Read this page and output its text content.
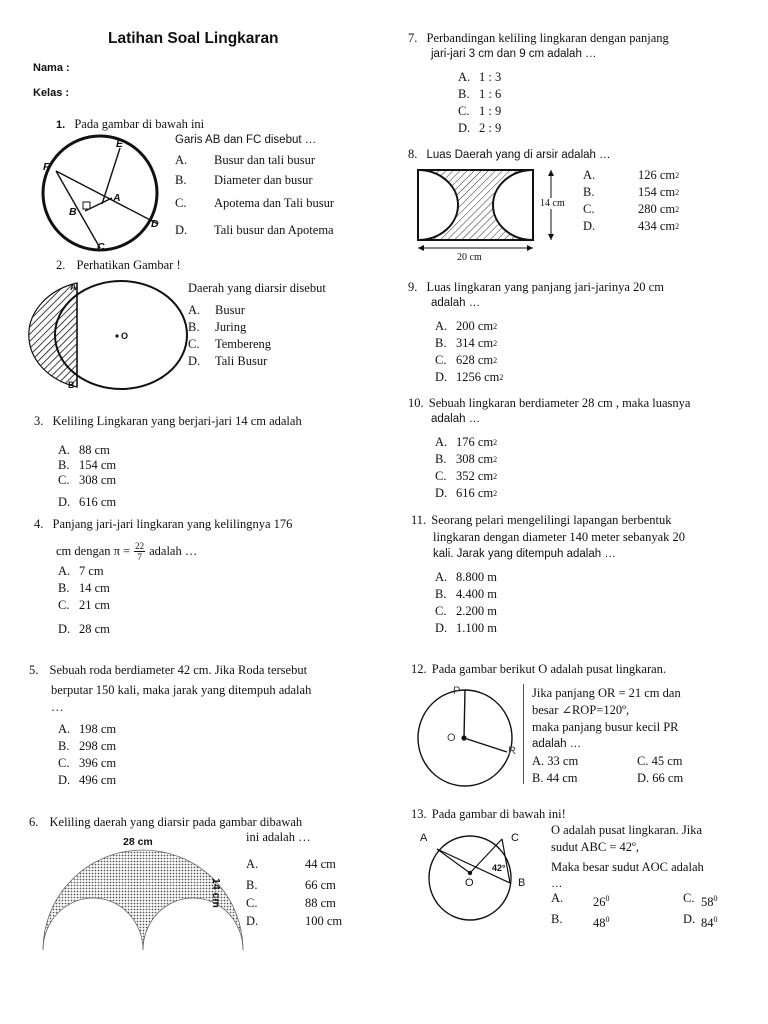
Latihan Soal Lingkaran
Nama :
Kelas :
1. Pada gambar di bawah ini
E
F
A
B
D
C
Garis AB dan FC disebut …
A.	Busur dan tali busur
B.	Diameter dan busur
C.	Apotema dan Tali busur
D.	Tali busur dan Apotema
2. Perhatikan Gambar !
A
O
B
Daerah yang diarsir disebut
A.	Busur
B.	Juring
C.	Tembereng
D.	Tali Busur
3. Keliling Lingkaran yang berjari-jari 14 cm adalah
A. 88 cm
B. 154 cm
C. 308 cm
D. 616 cm
4. Panjang jari-jari lingkaran yang kelilingnya 176
cm dengan $\pi = \frac{22}{7}$ adalah …
A. 7 cm
B. 14 cm
C. 21 cm
D. 28 cm
5. Sebuah roda berdiameter 42 cm. Jika Roda tersebut
berputar 150 kali, maka jarak yang ditempuh adalah
…
A. 198 cm
B. 298 cm
C. 396 cm
D. 496 cm
6. Keliling daerah yang diarsir pada gambar dibawah
28 cm
14 cm
ini adalah …
A.	44 cm
B.	66 cm
C.	88 cm
D.	100 cm
7. Perbandingan keliling lingkaran dengan panjang
jari-jari 3 cm dan 9 cm adalah …
A. 1 : 3
B. 1 : 6
C. 1 : 9
D. 2 : 9
8. Luas Daerah yang di arsir adalah …
14 cm
20 cm
A.	126 cm 2
B.	154 cm 2
C.	280 cm 2
D.	434 cm 2
9. Luas lingkaran yang panjang jari-jarinya 20 cm
adalah …
A. 200 cm 2
B. 314 cm 2
C. 628 cm 2
D. 1256 cm 2
10. Sebuah lingkaran berdiameter 28 cm , maka luasnya
adalah …
A. 176 cm 2
B. 308 cm 2
C. 352 cm 2
D. 616 cm 2
11. Seorang pelari mengelilingi lapangan berbentuk
lingkaran dengan diameter 140 meter sebanyak 20
kali. Jarak yang ditempuh adalah …
A. 8.800 m
B. 4.400 m
C. 2.200 m
D. 1.100 m
12. Pada gambar berikut O adalah pusat lingkaran.
P
O
R
Jika panjang OR = 21 cm dan
besar ∠ROP=120º,
maka panjang busur kecil PR
adalah …
A. 33 cm	C. 45 cm
B. 44 cm	D. 66 cm
13. Pada gambar di bawah ini!
A	C
O	B
42°
O adalah pusat lingkaran. Jika
sudut ABC = 42º,
Maka besar sudut AOC adalah
…
A.	$26^0$	C. $58^0$
B.	$48^0$	D. $84^0$
